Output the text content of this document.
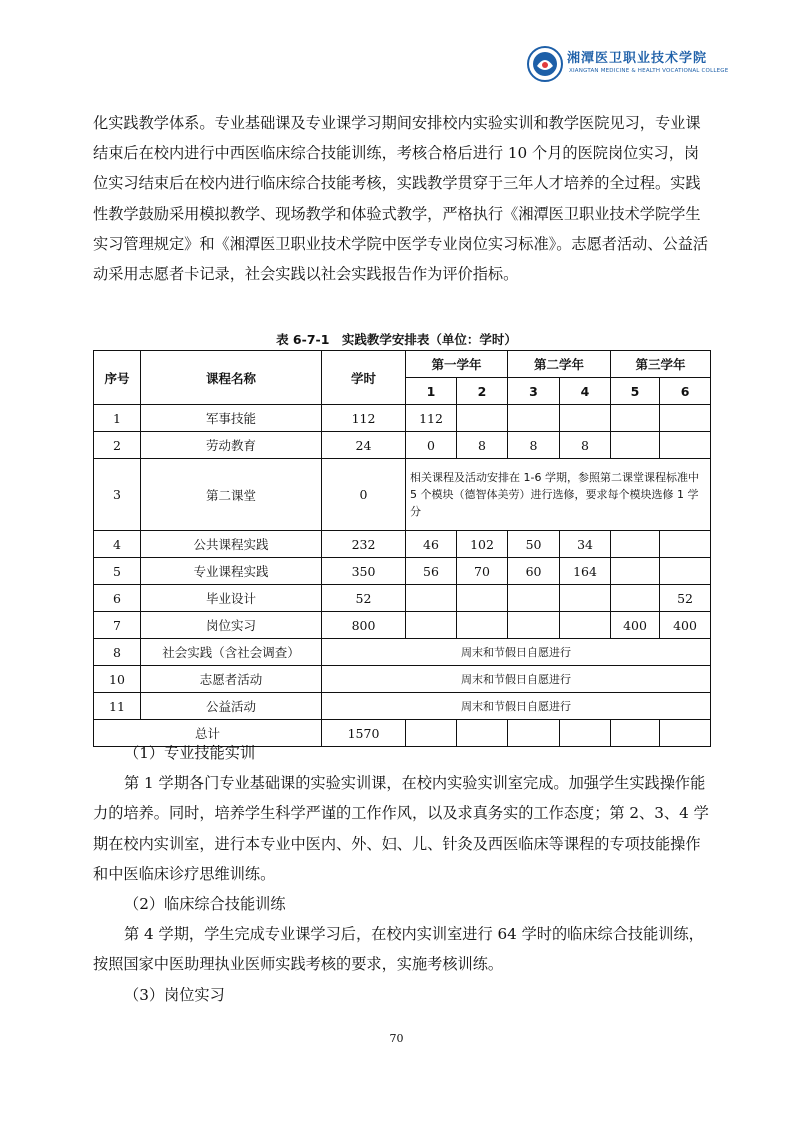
湘潭医卫职业技术学院
XIANGTAN MEDICINE & HEALTH VOCATIONAL COLLEGE

化实践教学体系。专业基础课及专业课学习期间安排校内实验实训和教学医院见习，专业课结束后在校内进行中西医临床综合技能训练，考核合格后进行 10 个月的医院岗位实习，岗位实习结束后在校内进行临床综合技能考核，实践教学贯穿于三年人才培养的全过程。实践性教学鼓励采用模拟教学、现场教学和体验式教学，严格执行《湘潭医卫职业技术学院学生实习管理规定》和《湘潭医卫职业技术学院中医学专业岗位实习标准》。志愿者活动、公益活动采用志愿者卡记录，社会实践以社会实践报告作为评价指标。

表 6-7-1　实践教学安排表（单位：学时）
序号	课程名称	学时	第一学年		第二学年		第三学年	
			1	2	3	4	5	6
1	军事技能	112	112					
2	劳动教育	24	0	8	8	8		
3	第二课堂	0	相关课程及活动安排在 1-6 学期，参照第二课堂课程标准中 5 个模块（德智体美劳）进行选修，要求每个模块选修 1 学分					
4	公共课程实践	232	46	102	50	34		
5	专业课程实践	350	56	70	60	164		
6	毕业设计	52						52
7	岗位实习	800					400	400
8	社会实践（含社会调查）	周末和节假日自愿进行						
10	志愿者活动	周末和节假日自愿进行						
11	公益活动	周末和节假日自愿进行						
总计		1570						

（1）专业技能实训

第 1 学期各门专业基础课的实验实训课，在校内实验实训室完成。加强学生实践操作能力的培养。同时，培养学生科学严谨的工作作风，以及求真务实的工作态度；第 2、3、4 学期在校内实训室，进行本专业中医内、外、妇、儿、针灸及西医临床等课程的专项技能操作和中医临床诊疗思维训练。

（2）临床综合技能训练

第 4 学期，学生完成专业课学习后，在校内实训室进行 64 学时的临床综合技能训练，按照国家中医助理执业医师实践考核的要求，实施考核训练。

（3）岗位实习

70
